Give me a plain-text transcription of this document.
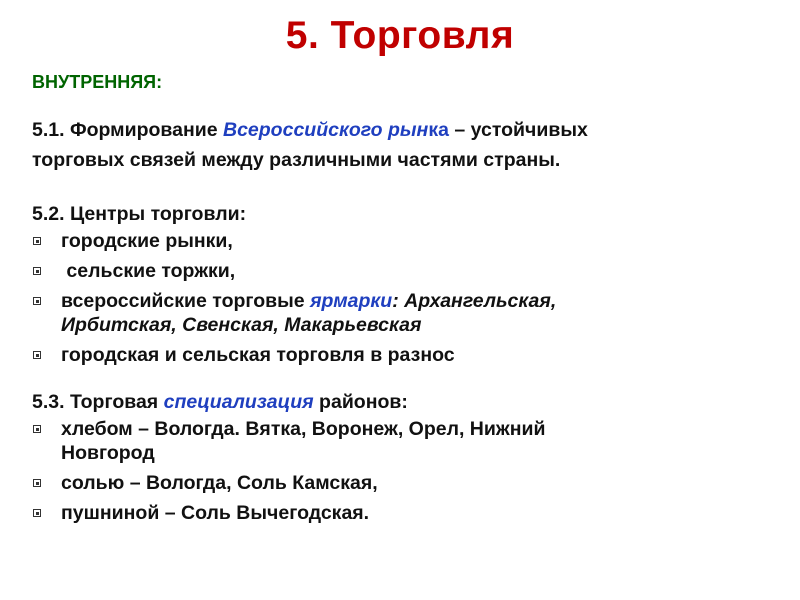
5. Торговля
ВНУТРЕННЯЯ:
5.1. Формирование Всероссийского рынка – устойчивых
торговых связей между различными частями страны.
5.2. Центры торговли:
городские рынки,
сельские торжки,
всероссийские торговые ярмарки: Архангельская,
Ирбитская, Свенская, Макарьевская
городская и сельская торговля в разнос
5.3. Торговая специализация районов:
хлебом – Вологда. Вятка, Воронеж, Орел, Нижний
Новгород
солью – Вологда, Соль Камская,
пушниной – Соль Вычегодская.
